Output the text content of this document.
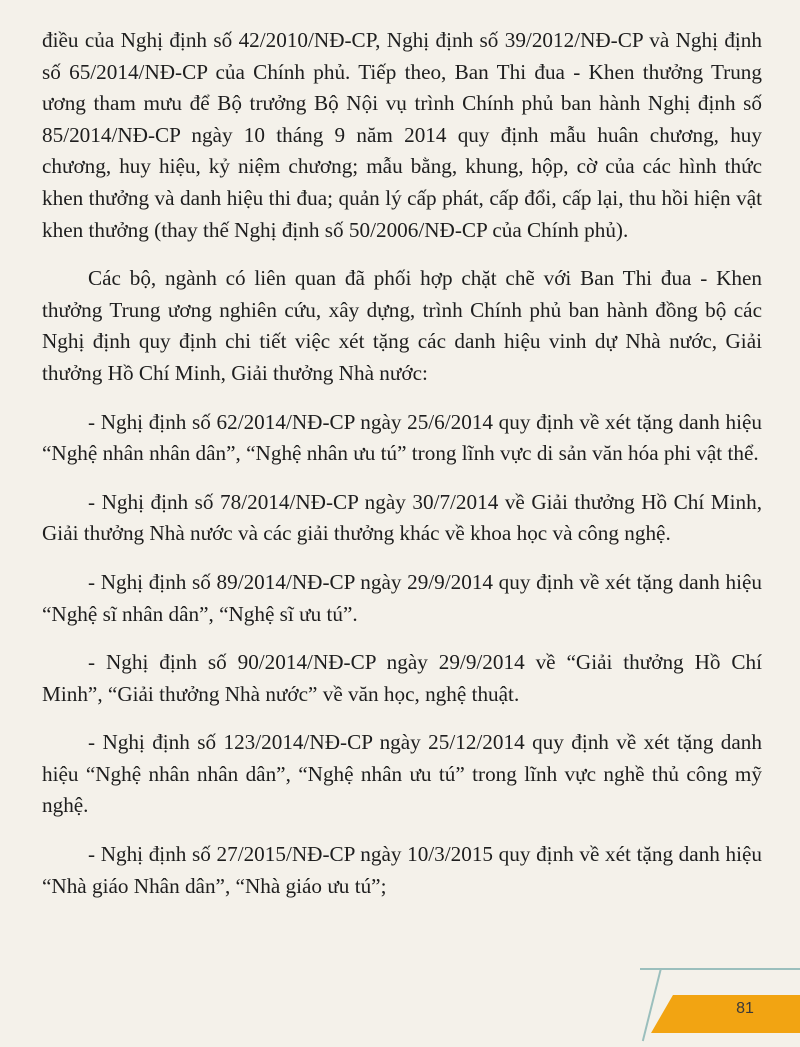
điều của Nghị định số 42/2010/NĐ-CP, Nghị định số 39/2012/NĐ-CP và Nghị định số 65/2014/NĐ-CP của Chính phủ. Tiếp theo, Ban Thi đua - Khen thưởng Trung ương tham mưu để Bộ trưởng Bộ Nội vụ trình Chính phủ ban hành Nghị định số 85/2014/NĐ-CP ngày 10 tháng 9 năm 2014 quy định mẫu huân chương, huy chương, huy hiệu, kỷ niệm chương; mẫu bằng, khung, hộp, cờ của các hình thức khen thưởng và danh hiệu thi đua; quản lý cấp phát, cấp đổi, cấp lại, thu hồi hiện vật khen thưởng (thay thế Nghị định số 50/2006/NĐ-CP của Chính phủ).

Các bộ, ngành có liên quan đã phối hợp chặt chẽ với Ban Thi đua - Khen thưởng Trung ương nghiên cứu, xây dựng, trình Chính phủ ban hành đồng bộ các Nghị định quy định chi tiết việc xét tặng các danh hiệu vinh dự Nhà nước, Giải thưởng Hồ Chí Minh, Giải thưởng Nhà nước:

- Nghị định số 62/2014/NĐ-CP ngày 25/6/2014 quy định về xét tặng danh hiệu “Nghệ nhân nhân dân”, “Nghệ nhân ưu tú” trong lĩnh vực di sản văn hóa phi vật thể.

- Nghị định số 78/2014/NĐ-CP ngày 30/7/2014 về Giải thưởng Hồ Chí Minh, Giải thưởng Nhà nước và các giải thưởng khác về khoa học và công nghệ.

- Nghị định số 89/2014/NĐ-CP ngày 29/9/2014 quy định về xét tặng danh hiệu “Nghệ sĩ nhân dân”, “Nghệ sĩ ưu tú”.

- Nghị định số 90/2014/NĐ-CP ngày 29/9/2014 về “Giải thưởng Hồ Chí Minh”, “Giải thưởng Nhà nước” về văn học, nghệ thuật.

- Nghị định số 123/2014/NĐ-CP ngày 25/12/2014 quy định về xét tặng danh hiệu “Nghệ nhân nhân dân”, “Nghệ nhân ưu tú” trong lĩnh vực nghề thủ công mỹ nghệ.

- Nghị định số 27/2015/NĐ-CP ngày 10/3/2015 quy định về xét tặng danh hiệu “Nhà giáo Nhân dân”, “Nhà giáo ưu tú”;

81
